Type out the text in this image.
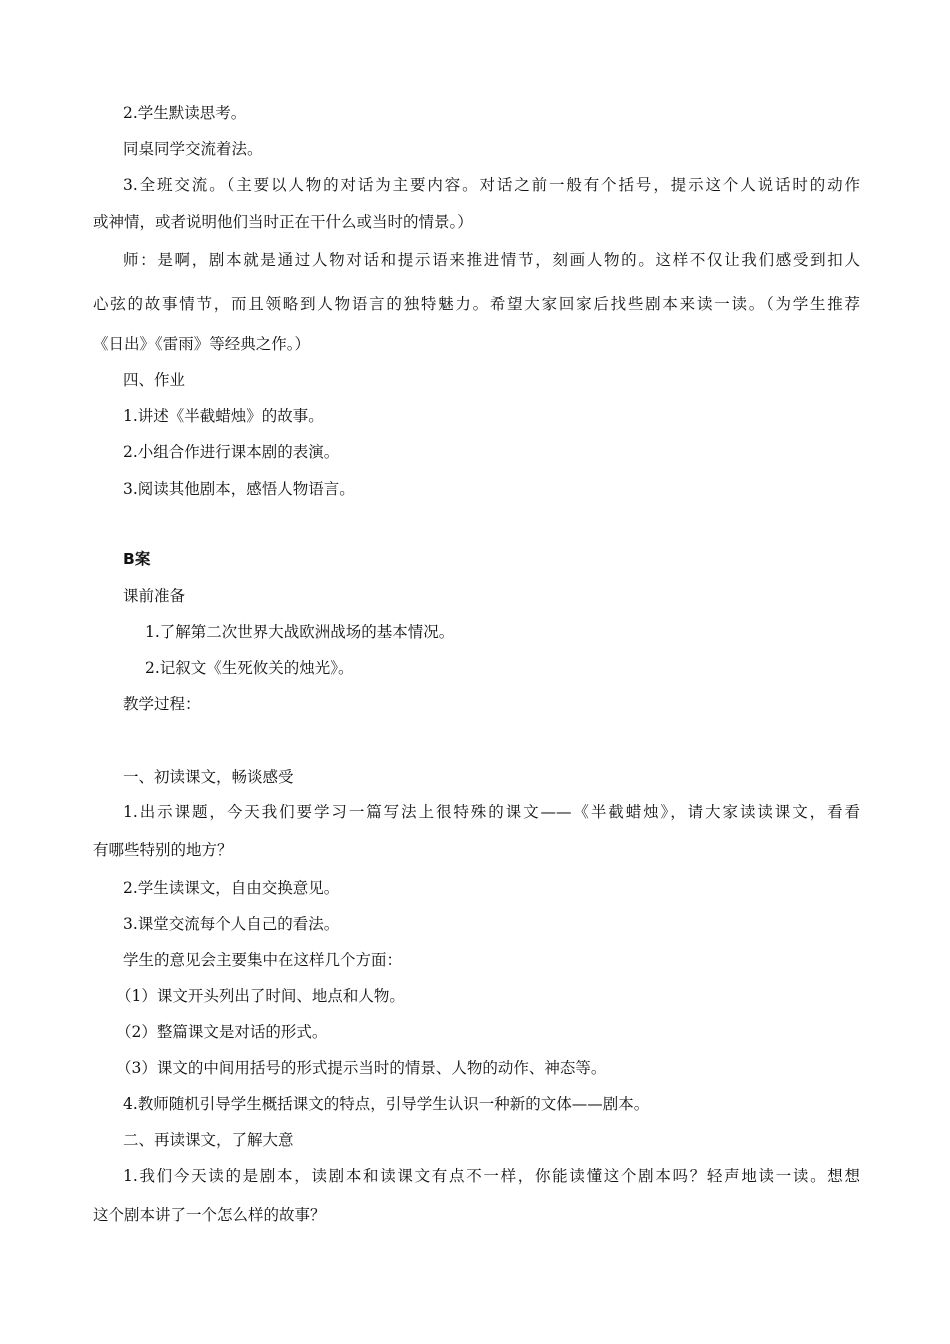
2.学生默读思考。
同桌同学交流着法。
3.全班交流。（主要以人物的对话为主要内容。对话之前一般有个括号，提示这个人说话时的动作
或神情，或者说明他们当时正在干什么或当时的情景。）
师：是啊，剧本就是通过人物对话和提示语来推进情节，刻画人物的。这样不仅让我们感受到扣人
心弦的故事情节，而且领略到人物语言的独特魅力。希望大家回家后找些剧本来读一读。（为学生推荐
《日出》《雷雨》等经典之作。）
四、作业
1.讲述《半截蜡烛》的故事。
2.小组合作进行课本剧的表演。
3.阅读其他剧本，感悟人物语言。
B案
课前准备
1.了解第二次世界大战欧洲战场的基本情况。
2.记叙文《生死攸关的烛光》。
教学过程：
一、初读课文，畅谈感受
1.出示课题，今天我们要学习一篇写法上很特殊的课文——《半截蜡烛》，请大家读读课文，看看
有哪些特别的地方？
2.学生读课文，自由交换意见。
3.课堂交流每个人自己的看法。
学生的意见会主要集中在这样几个方面：
（1）课文开头列出了时间、地点和人物。
（2）整篇课文是对话的形式。
（3）课文的中间用括号的形式提示当时的情景、人物的动作、神态等。
4.教师随机引导学生概括课文的特点，引导学生认识一种新的文体——剧本。
二、再读课文，了解大意
1.我们今天读的是剧本，读剧本和读课文有点不一样，你能读懂这个剧本吗？轻声地读一读。想想
这个剧本讲了一个怎么样的故事？
